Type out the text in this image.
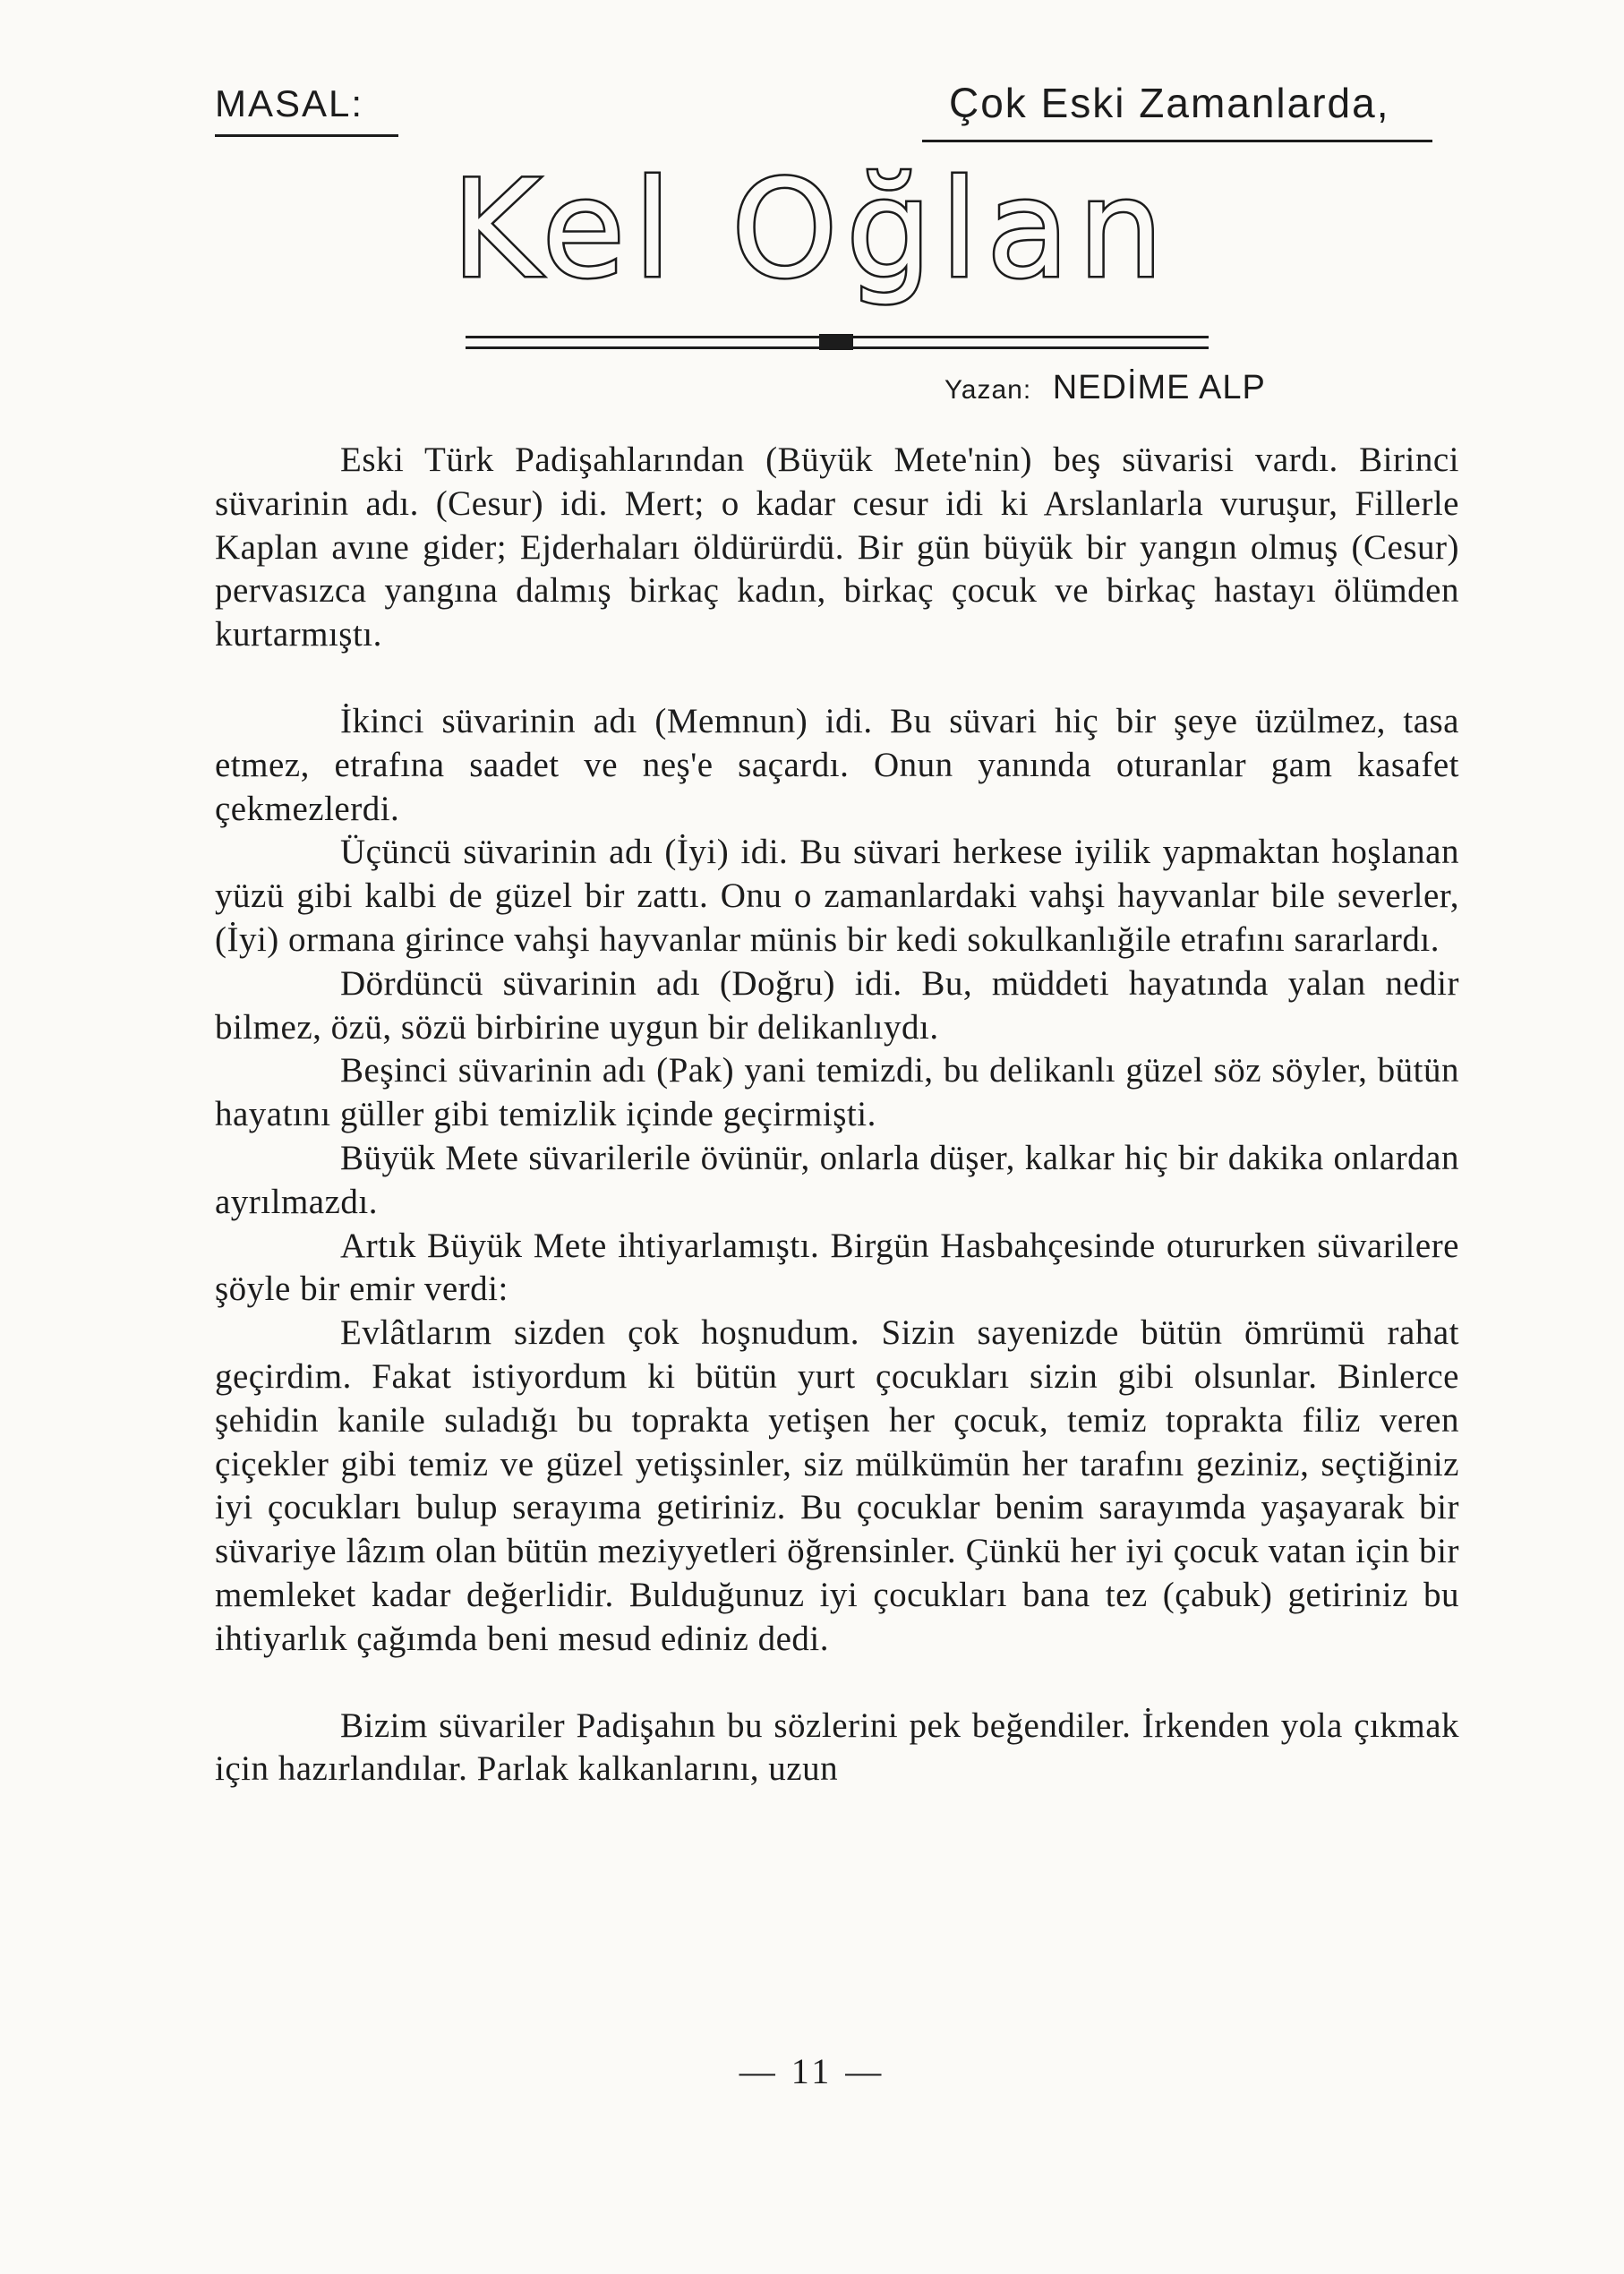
MASAL:	Çok Eski Zamanlarda,
Kel Oğlan
Yazan: NEDİME ALP

Eski Türk Padişahlarından (Büyük Mete'nin) beş süvarisi vardı. Birinci süvarinin adı. (Cesur) idi. Mert; o kadar cesur idi ki Arslanlarla vuruşur, Fillerle Kaplan avıne gider; Ejderhaları öldürürdü. Bir gün büyük bir yangın olmuş (Cesur) pervasızca yangına dalmış birkaç kadın, birkaç çocuk ve birkaç hastayı ölümden kurtarmıştı.

İkinci süvarinin adı (Memnun) idi. Bu süvari hiç bir şeye üzülmez, tasa etmez, etrafına saadet ve neş'e saçardı. Onun yanında oturanlar gam kasafet çekmezlerdi.

Üçüncü süvarinin adı (İyi) idi. Bu süvari herkese iyilik yapmaktan hoşlanan yüzü gibi kalbi de güzel bir zattı. Onu o zamanlardaki vahşi hayvanlar bile severler, (İyi) ormana girince vahşi hayvanlar münis bir kedi sokulkanlığile etrafını sararlardı.

Dördüncü süvarinin adı (Doğru) idi. Bu, müddeti hayatında yalan nedir bilmez, özü, sözü birbirine uygun bir delikanlıydı.

Beşinci süvarinin adı (Pak) yani temizdi, bu delikanlı güzel söz söyler, bütün hayatını güller gibi temizlik içinde geçirmişti.

Büyük Mete süvarilerile övünür, onlarla düşer, kalkar hiç bir dakika onlardan ayrılmazdı.

Artık Büyük Mete ihtiyarlamıştı. Birgün Hasbahçesinde otururken süvarilere şöyle bir emir verdi:

Evlâtlarım sizden çok hoşnudum. Sizin sayenizde bütün ömrümü rahat geçirdim. Fakat istiyordum ki bütün yurt çocukları sizin gibi olsunlar. Binlerce şehidin kanile suladığı bu toprakta yetişen her çocuk, temiz toprakta filiz veren çiçekler gibi temiz ve güzel yetişsinler, siz mülkümün her tarafını geziniz, seçtiğiniz iyi çocukları bulup serayıma getiriniz. Bu çocuklar benim sarayımda yaşayarak bir süvariye lâzım olan bütün meziyyetleri öğrensinler. Çünkü her iyi çocuk vatan için bir memleket kadar değerlidir. Bulduğunuz iyi çocukları bana tez (çabuk) getiriniz bu ihtiyarlık çağımda beni mesud ediniz dedi.

Bizim süvariler Padişahın bu sözlerini pek beğendiler. İrkenden yola çıkmak için hazırlandılar. Parlak kalkanlarını, uzun

— 11 —
